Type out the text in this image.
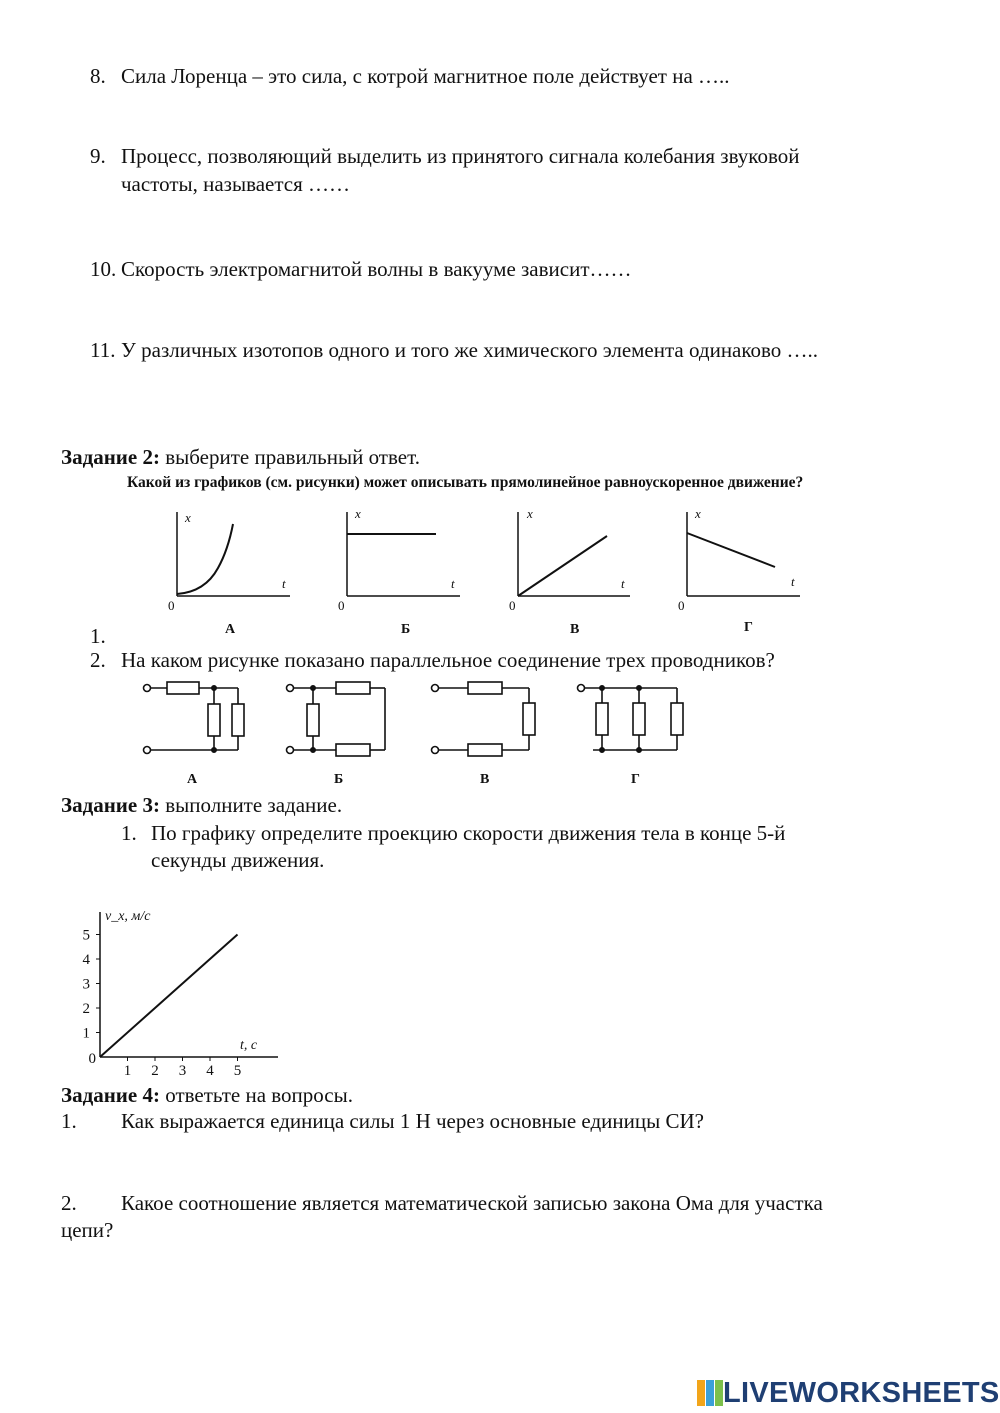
8. Сила Лоренца – это сила, с котрой магнитное поле действует на …..
9. Процесс, позволяющий выделить из принятого сигнала колебания звуковой
частоты, называется ……
10. Скорость электромагнитой волны в вакууме зависит……
11. У различных изотопов одного и того же химического элемента одинаково …..
Задание 2: выберите правильный ответ.
Какой из графиков (см. рисунки) может описывать прямолинейное равноускоренное движение?
x
t
0
А
x
t
0
Б
x
t
0
В
x
t
0
Г
1.
2. На каком рисунке показано параллельное соединение трех проводников?
А	Б	В	Г
Задание 3: выполните задание.
1. По графику определите проекцию скорости движения тела в конце 5-й
секунды движения.
1
2
3
4
5
1 2 3 4 5
0
v_x, м/с
t, c
Задание 4: ответьте на вопросы.
1. Как выражается единица силы 1 Н через основные единицы СИ?
2. Какое соотношение является математической записью закона Ома для участка
цепи?
LIVEWORKSHEETS
